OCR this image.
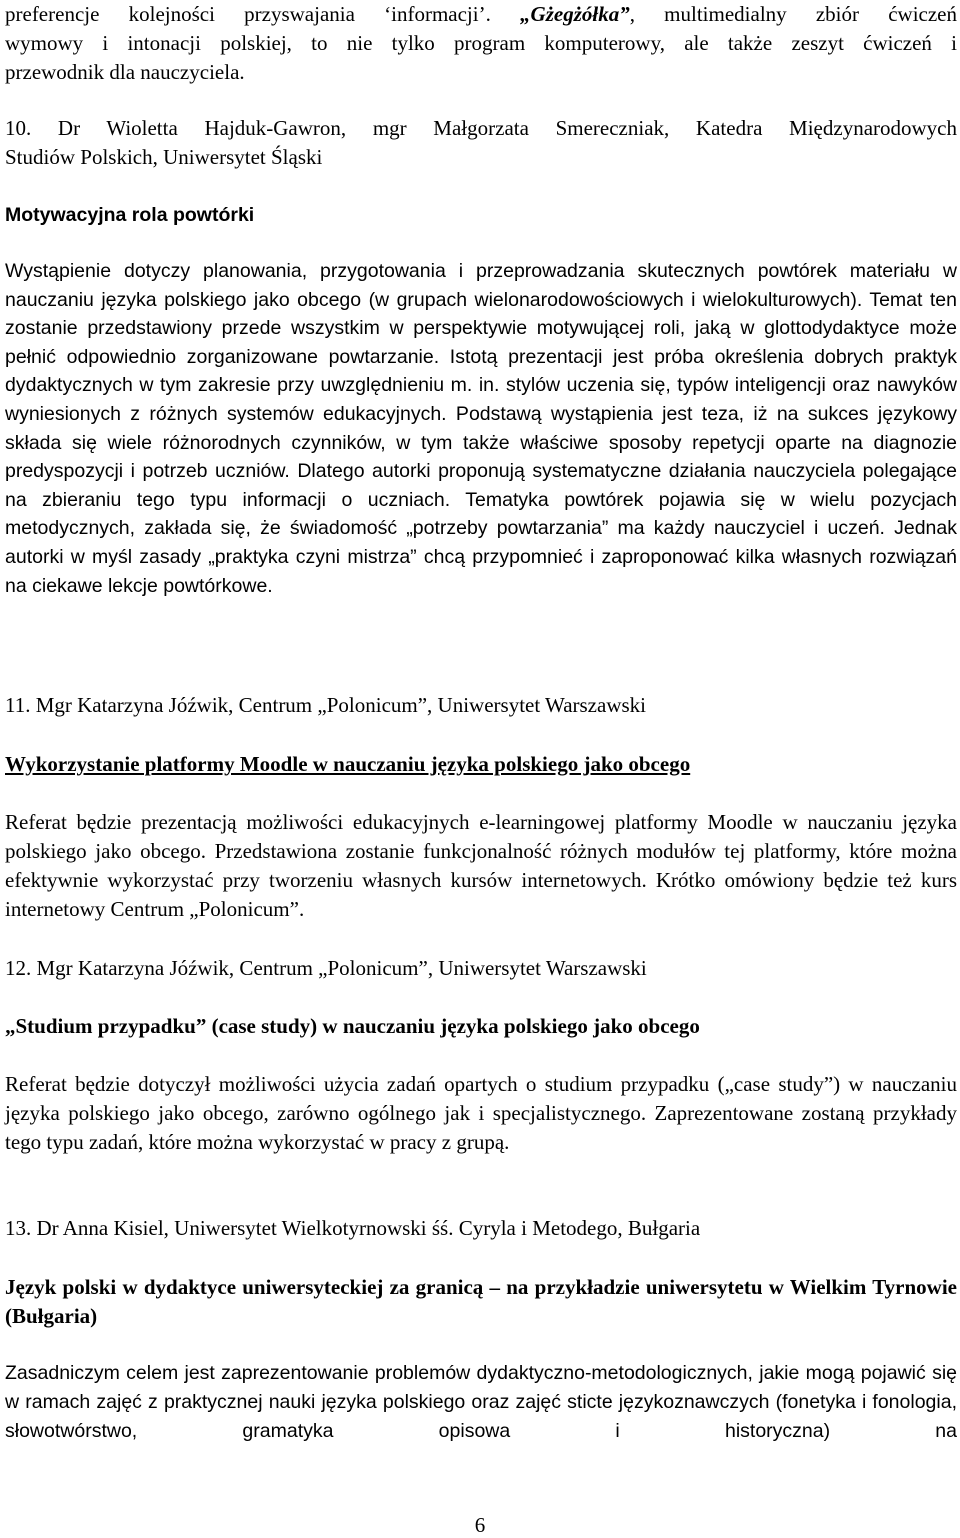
preferencje kolejności przyswajania ‘informacji’. „Gżegżółka”, multimedialny zbiór ćwiczeń

wymowy i intonacji polskiej, to nie tylko program komputerowy, ale także zeszyt ćwiczeń i

przewodnik dla nauczyciela.

10. Dr Wioletta Hajduk-Gawron, mgr Małgorzata Smereczniak, Katedra Międzynarodowych

Studiów Polskich, Uniwersytet Śląski

Motywacyjna rola powtórki

Wystąpienie dotyczy planowania, przygotowania i przeprowadzania skutecznych powtórek materiału w nauczaniu języka polskiego jako obcego (w grupach wielonarodowościowych i wielokulturowych). Temat ten zostanie przedstawiony przede wszystkim w perspektywie motywującej roli, jaką w glottodydaktyce może pełnić odpowiednio zorganizowane powtarzanie. Istotą prezentacji jest próba określenia dobrych praktyk dydaktycznych w tym zakresie przy uwzględnieniu m. in. stylów uczenia się, typów inteligencji oraz nawyków wyniesionych z różnych systemów edukacyjnych. Podstawą wystąpienia jest teza, iż na sukces językowy składa się wiele różnorodnych czynników, w tym także właściwe sposoby repetycji oparte na diagnozie predyspozycji i potrzeb uczniów. Dlatego autorki proponują systematyczne działania nauczyciela polegające na zbieraniu tego typu informacji o uczniach. Tematyka powtórek pojawia się w wielu pozycjach metodycznych, zakłada się, że świadomość „potrzeby powtarzania” ma każdy nauczyciel i uczeń. Jednak autorki w myśl zasady „praktyka czyni mistrza” chcą przypomnieć i zaproponować kilka własnych rozwiązań na ciekawe lekcje powtórkowe.

11. Mgr Katarzyna Jóźwik, Centrum „Polonicum”, Uniwersytet Warszawski

Wykorzystanie platformy Moodle w nauczaniu języka polskiego jako obcego

Referat będzie prezentacją możliwości edukacyjnych e-learningowej platformy Moodle w nauczaniu języka polskiego jako obcego. Przedstawiona zostanie funkcjonalność różnych modułów tej platformy, które można efektywnie wykorzystać przy tworzeniu własnych kursów internetowych. Krótko omówiony będzie też kurs internetowy Centrum „Polonicum”.

12. Mgr Katarzyna Jóźwik, Centrum „Polonicum”, Uniwersytet Warszawski

„Studium przypadku” (case study) w nauczaniu języka polskiego jako obcego

Referat będzie dotyczył możliwości użycia zadań opartych o studium przypadku („case study”) w nauczaniu języka polskiego jako obcego, zarówno ogólnego jak i specjalistycznego. Zaprezentowane zostaną przykłady tego typu zadań, które można wykorzystać w pracy z grupą.

13. Dr Anna Kisiel, Uniwersytet Wielkotyrnowski śś. Cyryla i Metodego, Bułgaria

Język polski w dydaktyce uniwersyteckiej za granicą – na przykładzie uniwersytetu w Wielkim Tyrnowie (Bułgaria)

Zasadniczym celem jest zaprezentowanie problemów dydaktyczno-metodologicznych, jakie mogą pojawić się w ramach zajęć z praktycznej nauki języka polskiego oraz zajęć sticte językoznawczych (fonetyka i fonologia, słowotwórstwo, gramatyka opisowa i historyczna) na

6
